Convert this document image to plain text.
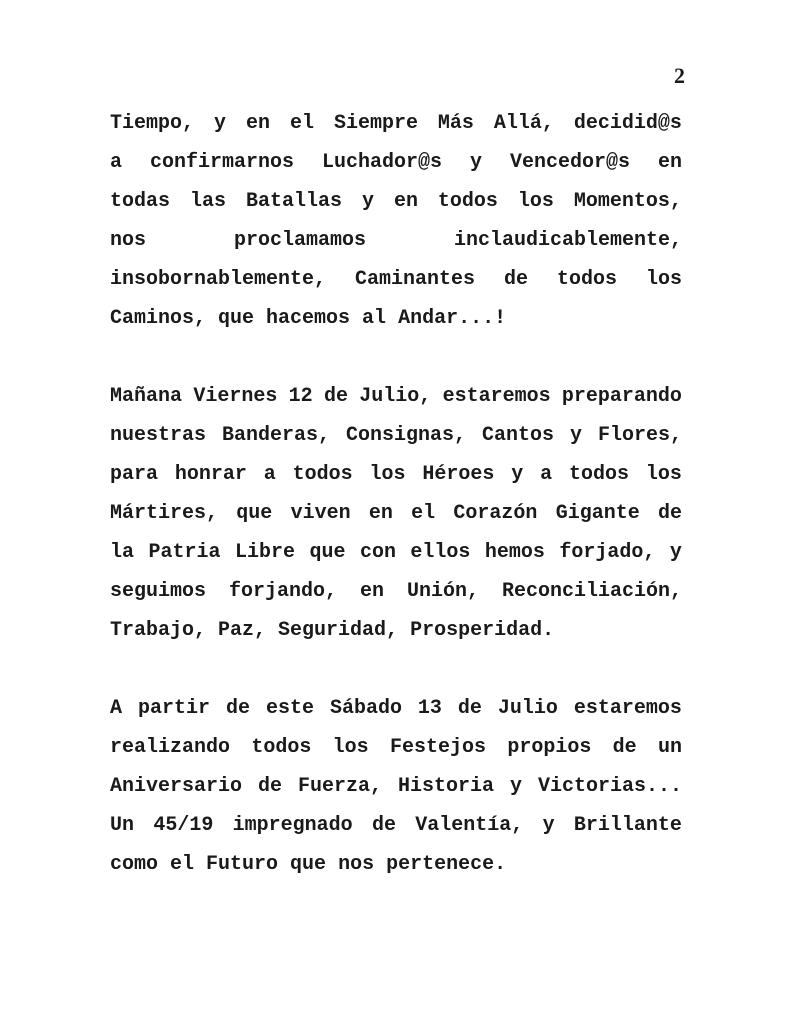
2
Tiempo, y en el Siempre Más Allá, decidid@s
a confirmarnos Luchador@s y Vencedor@s en
todas las Batallas y en todos los Momentos,
nos	proclamamos	inclaudicablemente,
insobornablemente, Caminantes de todos los
Caminos, que hacemos al Andar...!
Mañana Viernes 12 de Julio, estaremos preparando
nuestras Banderas, Consignas, Cantos y Flores,
para honrar a todos los Héroes y a todos los
Mártires, que viven en el Corazón Gigante de
la Patria Libre que con ellos hemos forjado, y
seguimos forjando, en Unión, Reconciliación,
Trabajo, Paz, Seguridad, Prosperidad.
A partir de este Sábado 13 de Julio estaremos
realizando todos los Festejos propios de un
Aniversario de Fuerza, Historia y Victorias...
Un 45/19 impregnado de Valentía, y Brillante
como el Futuro que nos pertenece.
